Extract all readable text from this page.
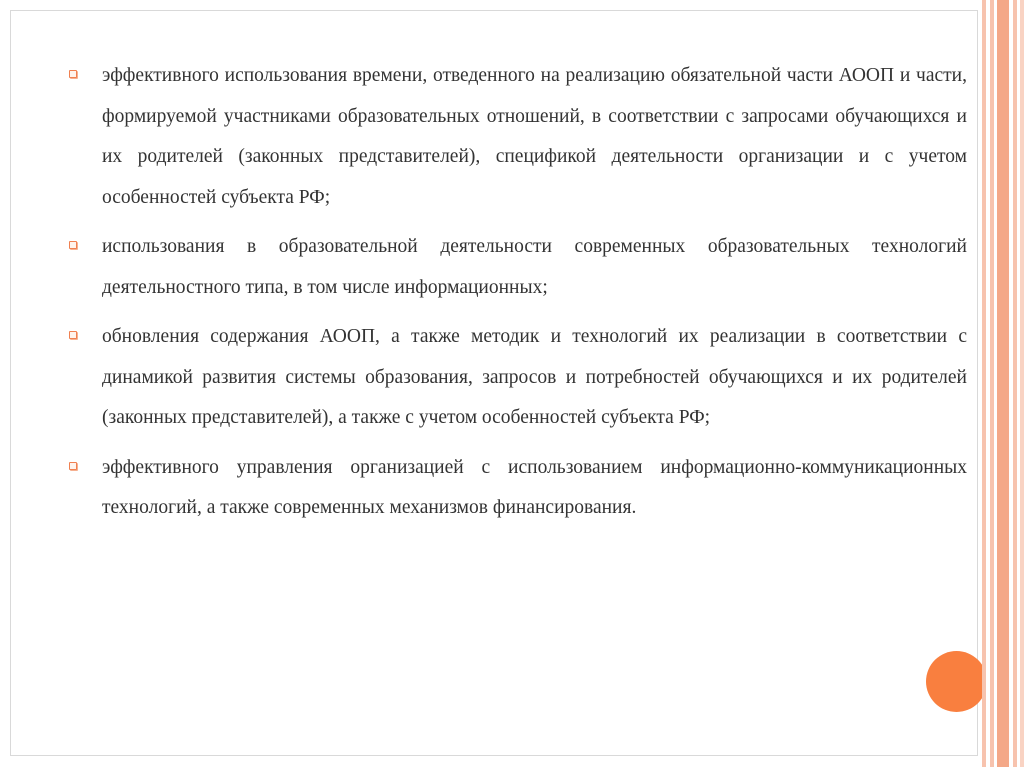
эффективного использования времени, отведенного на реализацию обязательной части АООП и части, формируемой участниками образовательных отношений, в соответствии с запросами обучающихся и их родителей (законных представителей), спецификой деятельности организации и с учетом особенностей субъекта РФ;
использования в образовательной деятельности современных образовательных технологий деятельностного типа, в том числе информационных;
обновления содержания АООП, а также методик и технологий их реализации в соответствии с динамикой развития системы образования, запросов и потребностей обучающихся и их родителей (законных представителей), а также с учетом особенностей субъекта РФ;
эффективного управления организацией с использованием информационно-коммуникационных технологий, а также современных механизмов финансирования.
